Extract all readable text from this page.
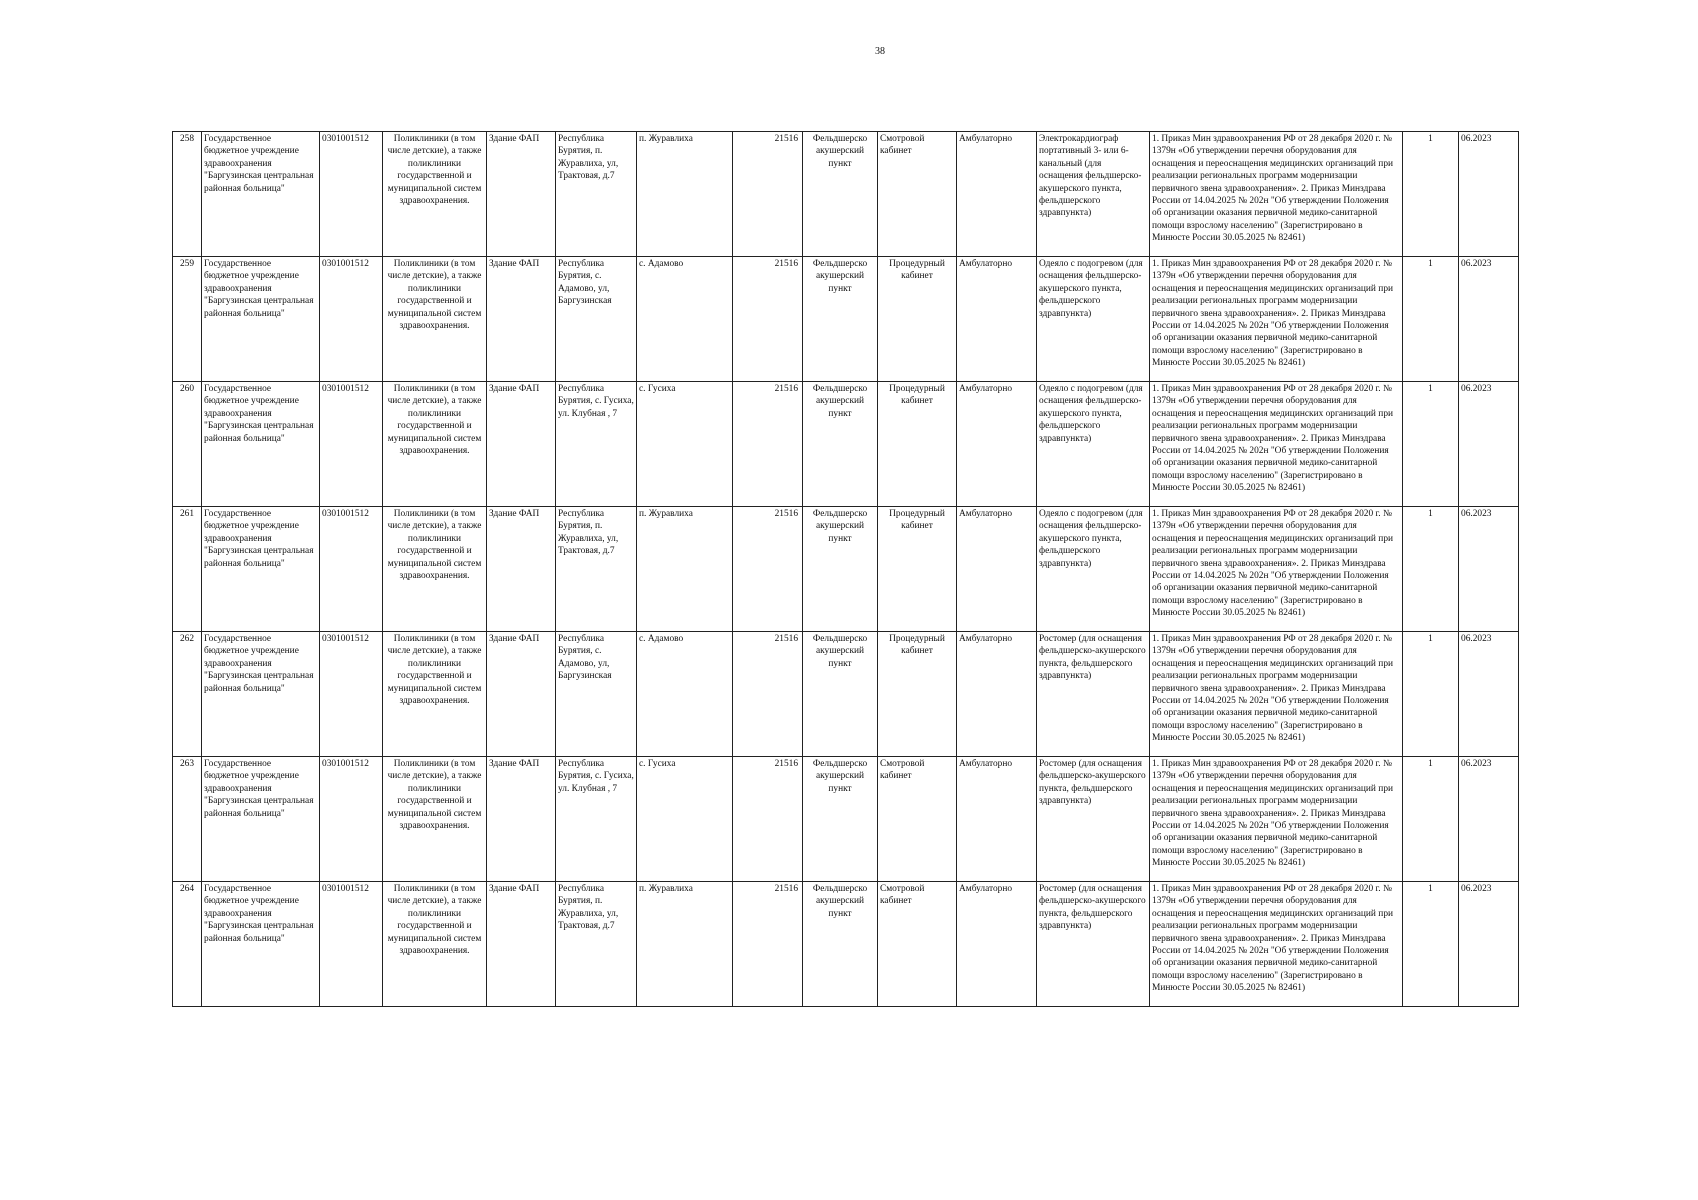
38
258	Государственное бюджетное учреждение здравоохранения "Баргузинская центральная районная больница"	0301001512	Поликлиники (в том числе детские), а также поликлиники государственной и муниципальной систем здравоохранения.	Здание ФАП	Республика Бурятия, п. Журавлиха, ул, Трактовая, д.7	п. Журавлиха	21516	Фельдшерско акушерский пункт	Смотровой кабинет	Амбулаторно	Электрокардиограф портативный 3- или 6-канальный (для оснащения фельдшерско-акушерского пункта, фельдшерского здравпункта)	1. Приказ Мин здравоохранения РФ от 28 декабря 2020 г. № 1379н «Об утверждении перечня оборудования для оснащения и переоснащения медицинских организаций при реализации региональных программ модернизации первичного звена здравоохранения». 2. Приказ Минздрава России от 14.04.2025 № 202н "Об утверждении Положения об организации оказания первичной медико-санитарной помощи взрослому населению" (Зарегистрировано в Минюсте России 30.05.2025 № 82461)	1	06.2023
259	Государственное бюджетное учреждение здравоохранения "Баргузинская центральная районная больница"	0301001512	Поликлиники (в том числе детские), а также поликлиники государственной и муниципальной систем здравоохранения.	Здание ФАП	Республика Бурятия, с. Адамово, ул, Баргузинская	с. Адамово	21516	Фельдшерско акушерский пункт	Процедурный кабинет	Амбулаторно	Одеяло с подогревом (для оснащения фельдшерско-акушерского пункта, фельдшерского здравпункта)	1. Приказ Мин здравоохранения РФ от 28 декабря 2020 г. № 1379н «Об утверждении перечня оборудования для оснащения и переоснащения медицинских организаций при реализации региональных программ модернизации первичного звена здравоохранения». 2. Приказ Минздрава России от 14.04.2025 № 202н "Об утверждении Положения об организации оказания первичной медико-санитарной помощи взрослому населению" (Зарегистрировано в Минюсте России 30.05.2025 № 82461)	1	06.2023
260	Государственное бюджетное учреждение здравоохранения "Баргузинская центральная районная больница"	0301001512	Поликлиники (в том числе детские), а также поликлиники государственной и муниципальной систем здравоохранения.	Здание ФАП	Республика Бурятия, с. Гусиха, ул. Клубная , 7	с. Гусиха	21516	Фельдшерско акушерский пункт	Процедурный кабинет	Амбулаторно	Одеяло с подогревом (для оснащения фельдшерско-акушерского пункта, фельдшерского здравпункта)	1. Приказ Мин здравоохранения РФ от 28 декабря 2020 г. № 1379н «Об утверждении перечня оборудования для оснащения и переоснащения медицинских организаций при реализации региональных программ модернизации первичного звена здравоохранения». 2. Приказ Минздрава России от 14.04.2025 № 202н "Об утверждении Положения об организации оказания первичной медико-санитарной помощи взрослому населению" (Зарегистрировано в Минюсте России 30.05.2025 № 82461)	1	06.2023
261	Государственное бюджетное учреждение здравоохранения "Баргузинская центральная районная больница"	0301001512	Поликлиники (в том числе детские), а также поликлиники государственной и муниципальной систем здравоохранения.	Здание ФАП	Республика Бурятия, п. Журавлиха, ул, Трактовая, д.7	п. Журавлиха	21516	Фельдшерско акушерский пункт	Процедурный кабинет	Амбулаторно	Одеяло с подогревом (для оснащения фельдшерско-акушерского пункта, фельдшерского здравпункта)	1. Приказ Мин здравоохранения РФ от 28 декабря 2020 г. № 1379н «Об утверждении перечня оборудования для оснащения и переоснащения медицинских организаций при реализации региональных программ модернизации первичного звена здравоохранения». 2. Приказ Минздрава России от 14.04.2025 № 202н "Об утверждении Положения об организации оказания первичной медико-санитарной помощи взрослому населению" (Зарегистрировано в Минюсте России 30.05.2025 № 82461)	1	06.2023
262	Государственное бюджетное учреждение здравоохранения "Баргузинская центральная районная больница"	0301001512	Поликлиники (в том числе детские), а также поликлиники государственной и муниципальной систем здравоохранения.	Здание ФАП	Республика Бурятия, с. Адамово, ул, Баргузинская	с. Адамово	21516	Фельдшерско акушерский пункт	Процедурный кабинет	Амбулаторно	Ростомер (для оснащения фельдшерско-акушерского пункта, фельдшерского здравпункта)	1. Приказ Мин здравоохранения РФ от 28 декабря 2020 г. № 1379н «Об утверждении перечня оборудования для оснащения и переоснащения медицинских организаций при реализации региональных программ модернизации первичного звена здравоохранения». 2. Приказ Минздрава России от 14.04.2025 № 202н "Об утверждении Положения об организации оказания первичной медико-санитарной помощи взрослому населению" (Зарегистрировано в Минюсте России 30.05.2025 № 82461)	1	06.2023
263	Государственное бюджетное учреждение здравоохранения "Баргузинская центральная районная больница"	0301001512	Поликлиники (в том числе детские), а также поликлиники государственной и муниципальной систем здравоохранения.	Здание ФАП	Республика Бурятия, с. Гусиха, ул. Клубная , 7	с. Гусиха	21516	Фельдшерско акушерский пункт	Смотровой кабинет	Амбулаторно	Ростомер (для оснащения фельдшерско-акушерского пункта, фельдшерского здравпункта)	1. Приказ Мин здравоохранения РФ от 28 декабря 2020 г. № 1379н «Об утверждении перечня оборудования для оснащения и переоснащения медицинских организаций при реализации региональных программ модернизации первичного звена здравоохранения». 2. Приказ Минздрава России от 14.04.2025 № 202н "Об утверждении Положения об организации оказания первичной медико-санитарной помощи взрослому населению" (Зарегистрировано в Минюсте России 30.05.2025 № 82461)	1	06.2023
264	Государственное бюджетное учреждение здравоохранения "Баргузинская центральная районная больница"	0301001512	Поликлиники (в том числе детские), а также поликлиники государственной и муниципальной систем здравоохранения.	Здание ФАП	Республика Бурятия, п. Журавлиха, ул, Трактовая, д.7	п. Журавлиха	21516	Фельдшерско акушерский пункт	Смотровой кабинет	Амбулаторно	Ростомер (для оснащения фельдшерско-акушерского пункта, фельдшерского здравпункта)	1. Приказ Мин здравоохранения РФ от 28 декабря 2020 г. № 1379н «Об утверждении перечня оборудования для оснащения и переоснащения медицинских организаций при реализации региональных программ модернизации первичного звена здравоохранения». 2. Приказ Минздрава России от 14.04.2025 № 202н "Об утверждении Положения об организации оказания первичной медико-санитарной помощи взрослому населению" (Зарегистрировано в Минюсте России 30.05.2025 № 82461)	1	06.2023
